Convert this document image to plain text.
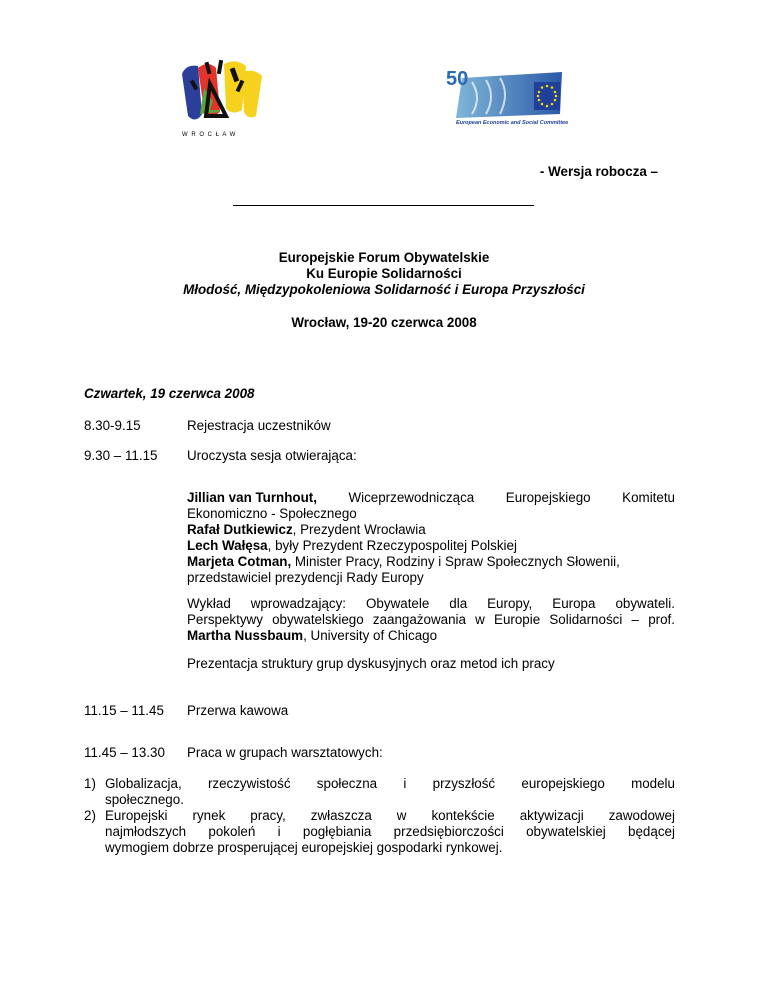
W R O C Ł A W
50
European Economic and Social Committee
- Wersja robocza –
Europejskie Forum Obywatelskie
Ku Europie Solidarności
Młodość, Międzypokoleniowa Solidarność i Europa Przyszłości
Wrocław, 19-20 czerwca 2008
Czwartek, 19 czerwca 2008
8.30-9.15	Rejestracja uczestników
9.30 – 11.15 Uroczysta sesja otwierająca:
Jillian van Turnhout, Wiceprzewodnicząca Europejskiego Komitetu
Ekonomiczno - Społecznego
Rafał Dutkiewicz, Prezydent Wrocławia
Lech Wałęsa, były Prezydent Rzeczypospolitej Polskiej
Marjeta Cotman, Minister Pracy, Rodziny i Spraw Społecznych Słowenii,
przedstawiciel prezydencji Rady Europy
Wykład wprowadzający: Obywatele dla Europy, Europa obywateli.
Perspektywy obywatelskiego zaangażowania w Europie Solidarności – prof.
Martha Nussbaum, University of Chicago
Prezentacja struktury grup dyskusyjnych oraz metod ich pracy
11.15 – 11.45 Przerwa kawowa
11.45 – 13.30 Praca w grupach warsztatowych:
1) Globalizacja, rzeczywistość społeczna i przyszłość europejskiego modelu
społecznego.
2) Europejski rynek pracy, zwłaszcza w kontekście aktywizacji zawodowej
najmłodszych pokoleń i pogłębiania przedsiębiorczości obywatelskiej będącej
wymogiem dobrze prosperującej europejskiej gospodarki rynkowej.
